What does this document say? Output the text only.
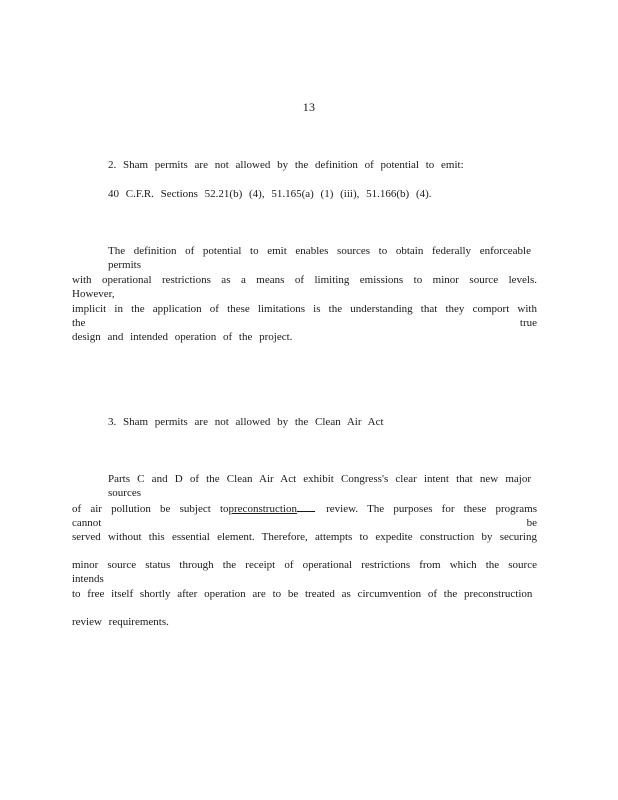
13
2. Sham permits are not allowed by the definition of potential to emit:
40 C.F.R. Sections 52.21(b) (4), 51.165(a) (1) (iii), 51.166(b) (4).
The definition of potential to emit enables sources to obtain federally enforceable permits
with operational restrictions as a means of limiting emissions to minor source levels. However,
implicit in the application of these limitations is the understanding that they comport with the true
design and intended operation of the project.
3. Sham permits are not allowed by the Clean Air Act
Parts C and D of the Clean Air Act exhibit Congress's clear intent that new major sources
of air pollution be subject topreconstruction	review. The purposes for these programs cannot be
served without this essential element. Therefore, attempts to expedite construction by securing
minor source status through the receipt of operational restrictions from which the source intends
to free itself shortly after operation are to be treated as circumvention of the preconstruction
review requirements.
